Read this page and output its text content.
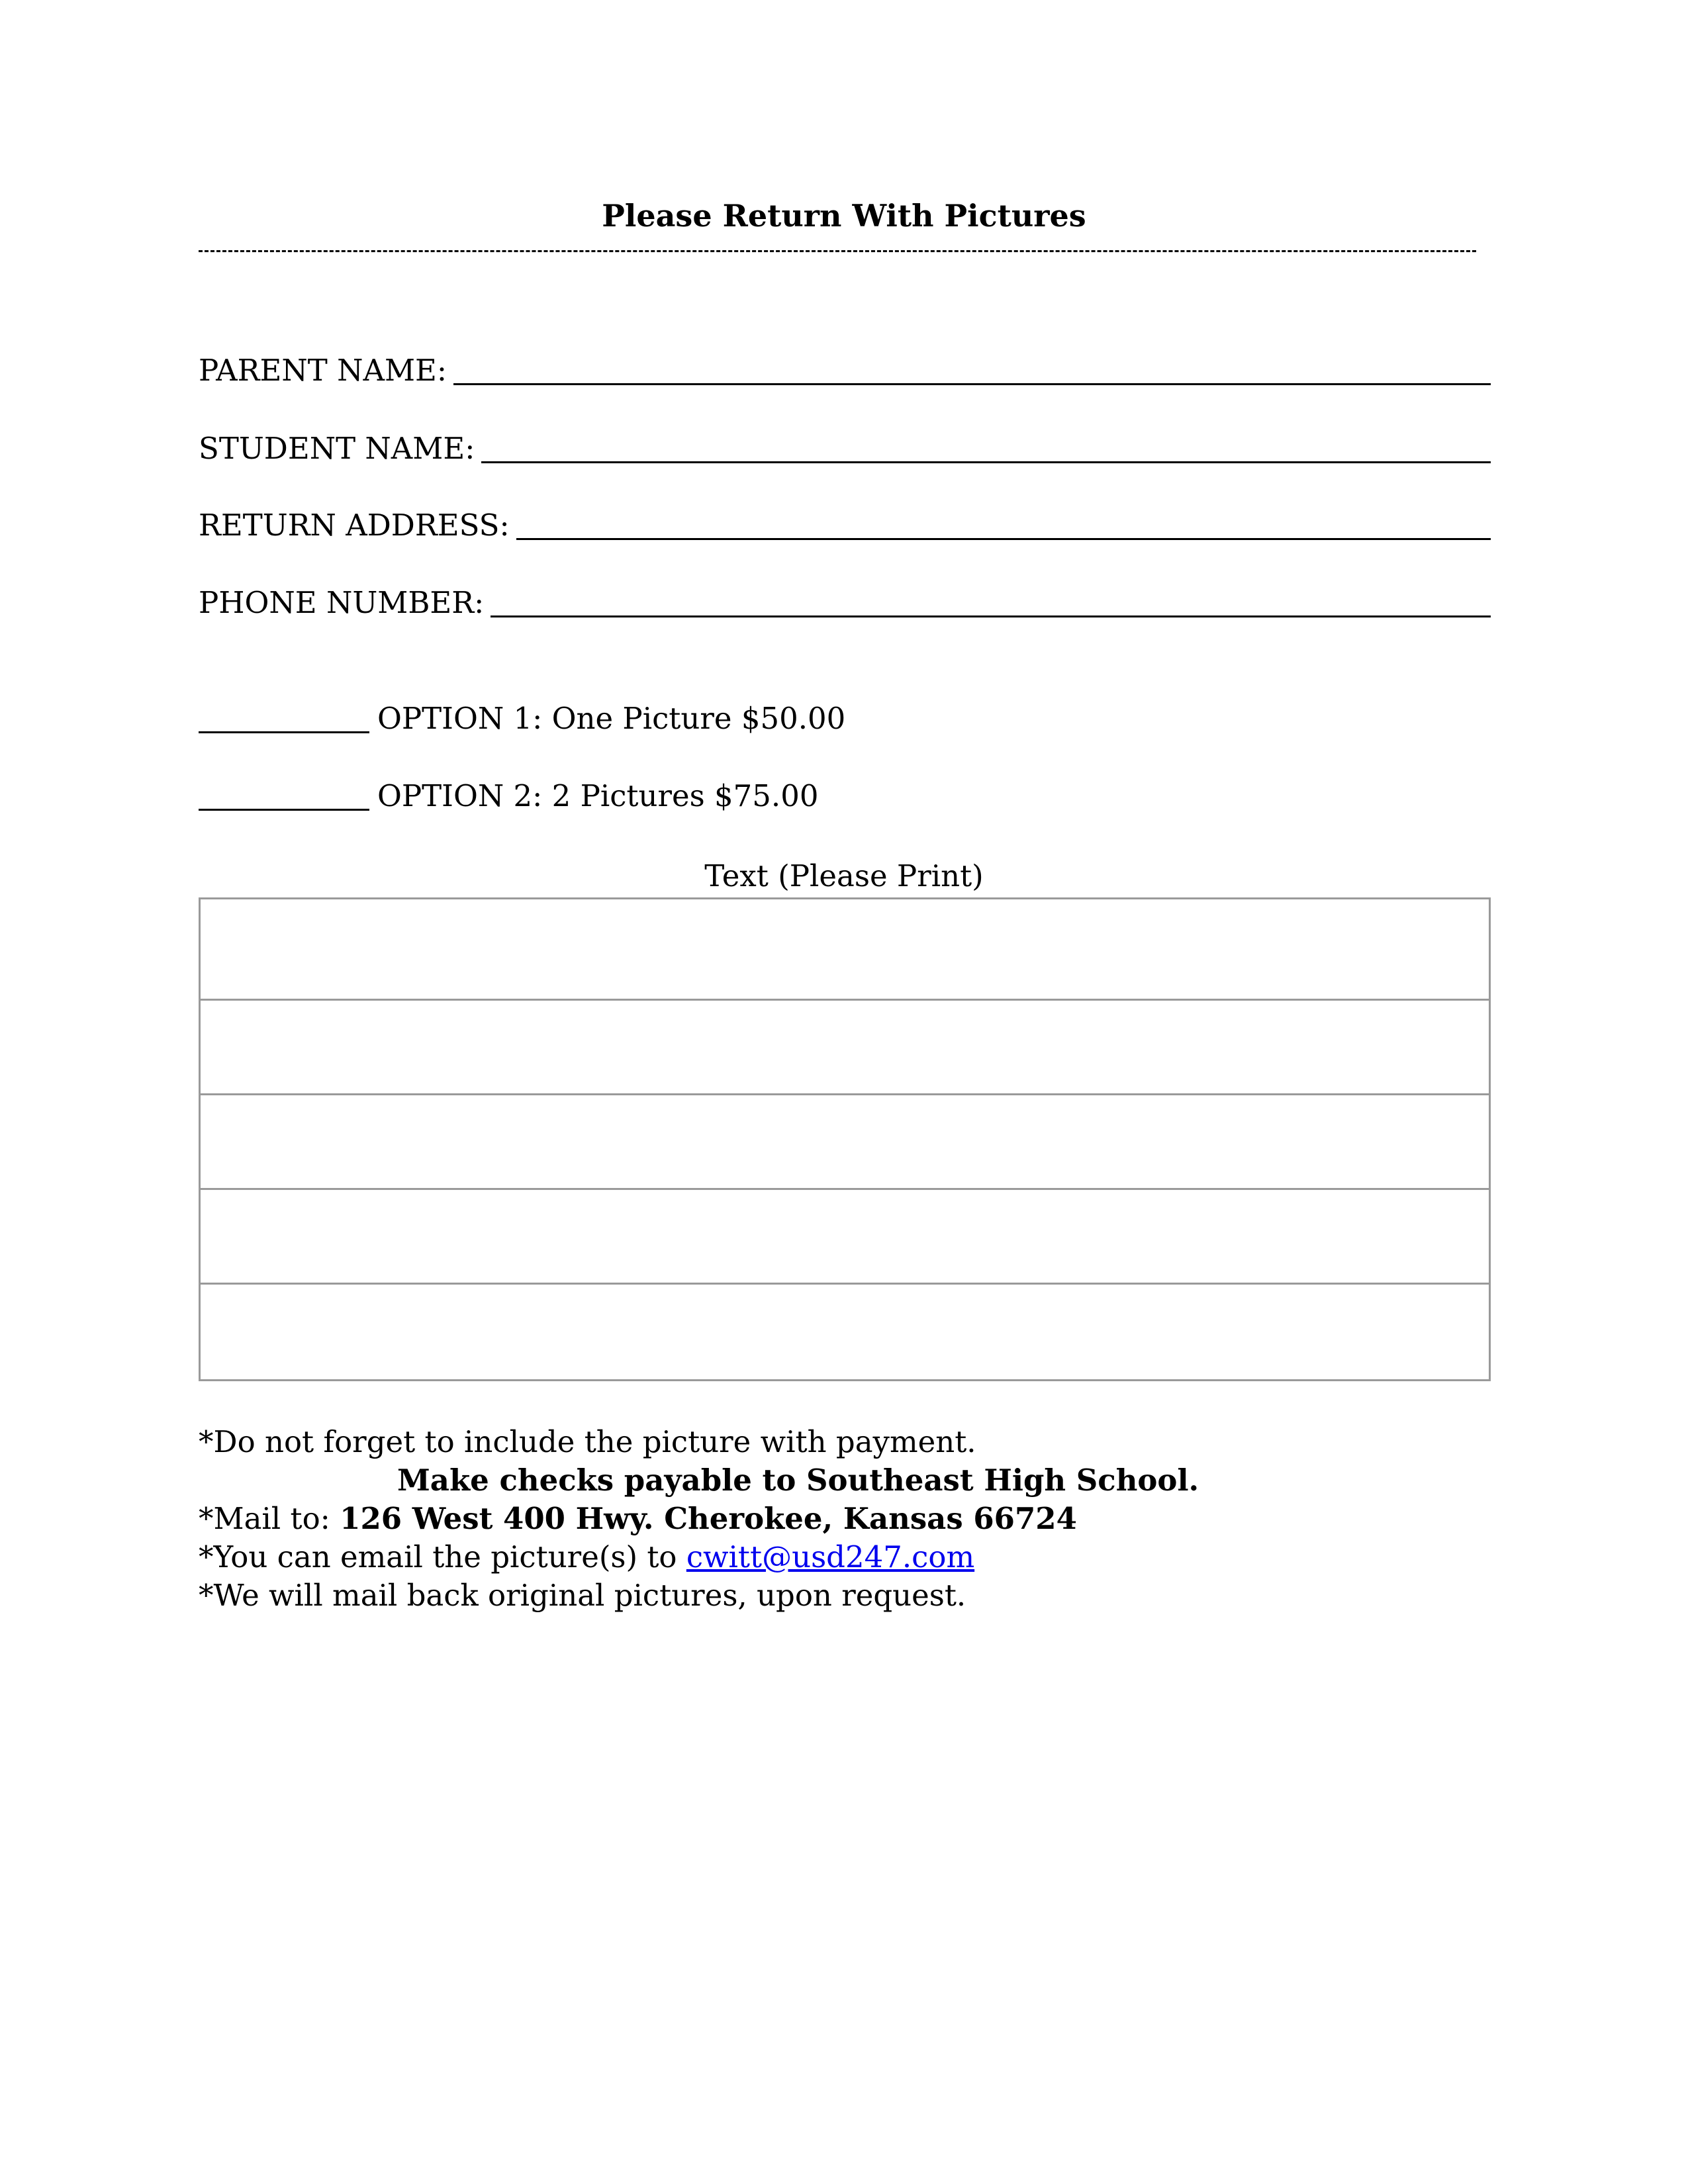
Please Return With Pictures
PARENT NAME:
STUDENT NAME:
RETURN ADDRESS:
PHONE NUMBER:
OPTION 1: One Picture $50.00
OPTION 2: 2 Pictures $75.00
Text (Please Print)
*Do not forget to include the picture with payment.
Make checks payable to Southeast High School.
*Mail to: 126 West 400 Hwy. Cherokee, Kansas 66724
*You can email the picture(s) to cwitt@usd247.com
*We will mail back original pictures, upon request.
